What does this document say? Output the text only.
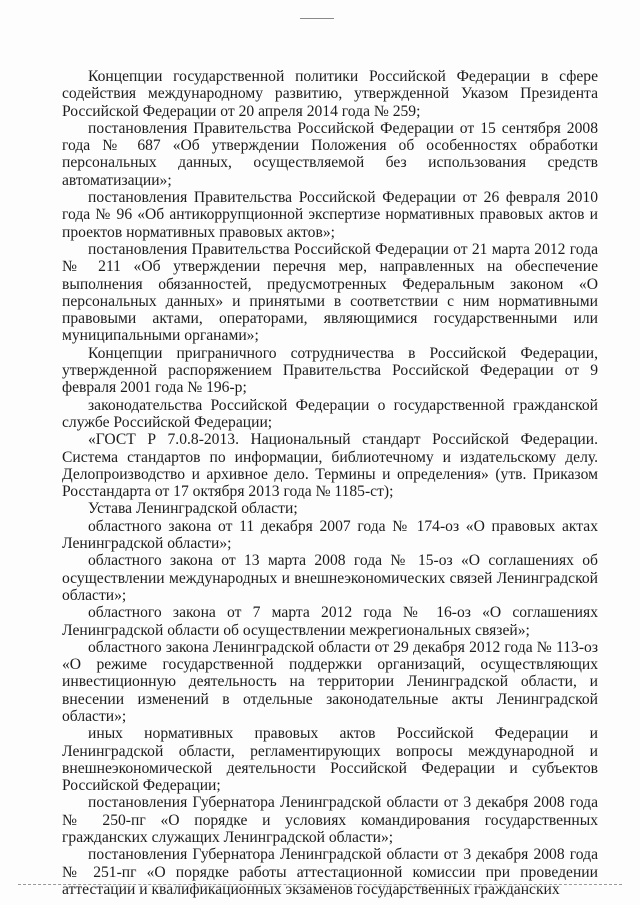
Концепции государственной политики Российской Федерации в сфере содействия международному развитию, утвержденной Указом Президента Российской Федерации от 20 апреля 2014 года № 259;

постановления Правительства Российской Федерации от 15 сентября 2008 года № 687 «Об утверждении Положения об особенностях обработки персональных данных, осуществляемой без использования средств автоматизации»;

постановления Правительства Российской Федерации от 26 февраля 2010 года № 96 «Об антикоррупционной экспертизе нормативных правовых актов и проектов нормативных правовых актов»;

постановления Правительства Российской Федерации от 21 марта 2012 года № 211 «Об утверждении перечня мер, направленных на обеспечение выполнения обязанностей, предусмотренных Федеральным законом «О персональных данных» и принятыми в соответствии с ним нормативными правовыми актами, операторами, являющимися государственными или муниципальными органами»;

Концепции приграничного сотрудничества в Российской Федерации, утвержденной распоряжением Правительства Российской Федерации от 9 февраля 2001 года № 196-р;

законодательства Российской Федерации о государственной гражданской службе Российской Федерации;

«ГОСТ Р 7.0.8-2013. Национальный стандарт Российской Федерации. Система стандартов по информации, библиотечному и издательскому делу. Делопроизводство и архивное дело. Термины и определения» (утв. Приказом Росстандарта от 17 октября 2013 года № 1185-ст);

Устава Ленинградской области;

областного закона от 11 декабря 2007 года № 174-оз «О правовых актах Ленинградской области»;

областного закона от 13 марта 2008 года № 15-оз «О соглашениях об осуществлении международных и внешнеэкономических связей Ленинградской области»;

областного закона от 7 марта 2012 года № 16-оз «О соглашениях Ленинградской области об осуществлении межрегиональных связей»;

областного закона Ленинградской области от 29 декабря 2012 года № 113-оз «О режиме государственной поддержки организаций, осуществляющих инвестиционную деятельность на территории Ленинградской области, и внесении изменений в отдельные законодательные акты Ленинградской области»;

иных нормативных правовых актов Российской Федерации и Ленинградской области, регламентирующих вопросы международной и внешнеэкономической деятельности Российской Федерации и субъектов Российской Федерации;

постановления Губернатора Ленинградской области от 3 декабря 2008 года № 250-пг «О порядке и условиях командирования государственных гражданских служащих Ленинградской области»;

постановления Губернатора Ленинградской области от 3 декабря 2008 года № 251-пг «О порядке работы аттестационной комиссии при проведении аттестации и квалификационных экзаменов государственных гражданских
